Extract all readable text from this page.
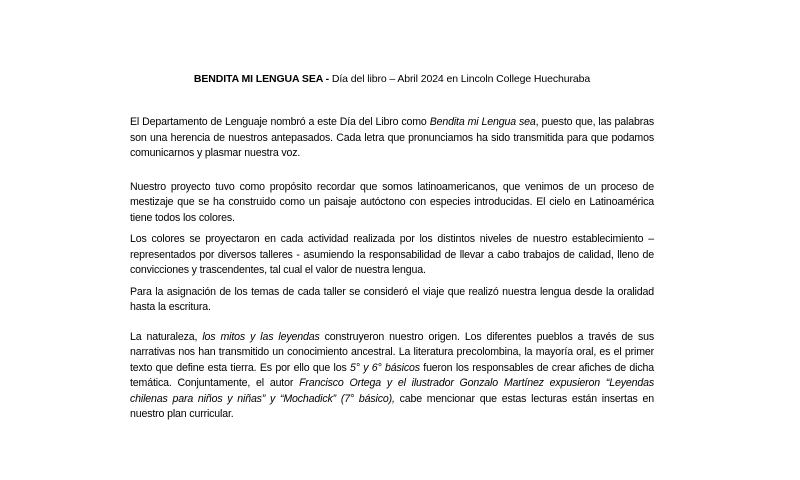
BENDITA MI LENGUA SEA - Día del libro – Abril 2024 en Lincoln College Huechuraba

El Departamento de Lenguaje nombró a este Día del Libro como Bendita mi Lengua sea, puesto que, las palabras son una herencia de nuestros antepasados. Cada letra que pronunciamos ha sido transmitida para que podamos comunicarnos y plasmar nuestra voz.

Nuestro proyecto tuvo como propósito recordar que somos latinoamericanos, que venimos de un proceso de mestizaje que se ha construido como un paisaje autóctono con especies introducidas. El cielo en Latinoamérica tiene todos los colores.

Los colores se proyectaron en cada actividad realizada por los distintos niveles de nuestro establecimiento – representados por diversos talleres - asumiendo la responsabilidad de llevar a cabo trabajos de calidad, lleno de convicciones y trascendentes, tal cual el valor de nuestra lengua.

Para la asignación de los temas de cada taller se consideró el viaje que realizó nuestra lengua desde la oralidad hasta la escritura.

La naturaleza, los mitos y las leyendas construyeron nuestro origen. Los diferentes pueblos a través de sus narrativas nos han transmitido un conocimiento ancestral. La literatura precolombina, la mayoría oral, es el primer texto que define esta tierra. Es por ello que los 5° y 6° básicos fueron los responsables de crear afiches de dicha temática. Conjuntamente, el autor Francisco Ortega y el ilustrador Gonzalo Martínez expusieron “Leyendas chilenas para niños y niñas” y “Mochadick” (7° básico), cabe mencionar que estas lecturas están insertas en nuestro plan curricular.
